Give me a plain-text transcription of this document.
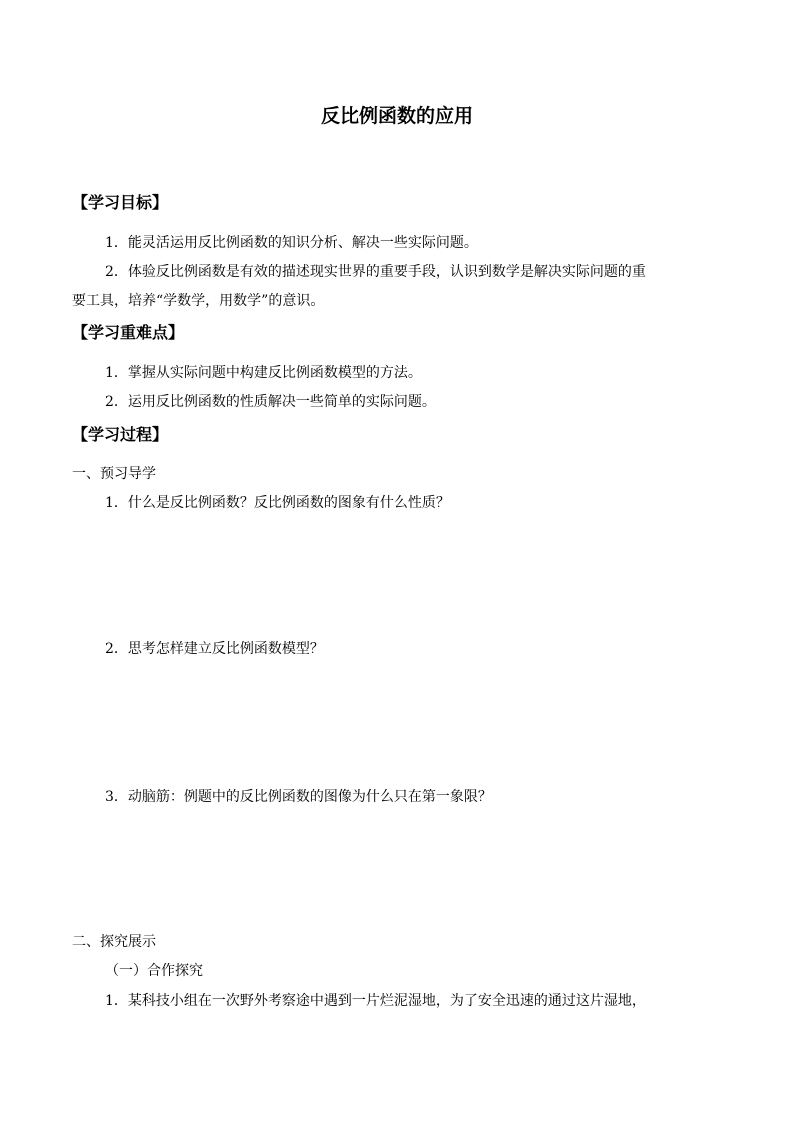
反比例函数的应用
【学习目标】
1．能灵活运用反比例函数的知识分析、解决一些实际问题。
2．体验反比例函数是有效的描述现实世界的重要手段，认识到数学是解决实际问题的重
要工具，培养“学数学，用数学”的意识。
【学习重难点】
1．掌握从实际问题中构建反比例函数模型的方法。
2．运用反比例函数的性质解决一些简单的实际问题。
【学习过程】
一、预习导学
1．什么是反比例函数？反比例函数的图象有什么性质？
2．思考怎样建立反比例函数模型？
3．动脑筋：例题中的反比例函数的图像为什么只在第一象限？
二、探究展示
（一）合作探究
1．某科技小组在一次野外考察途中遇到一片烂泥湿地，为了安全迅速的通过这片湿地，
